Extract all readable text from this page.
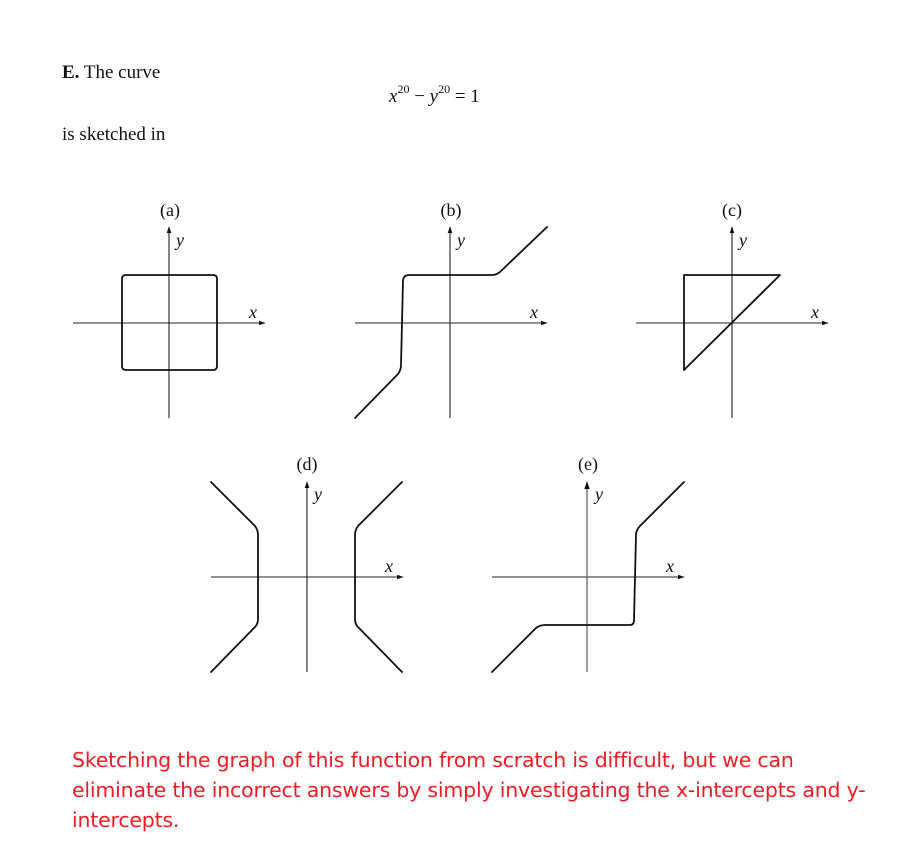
E. The curve
$x^{20} - y^{20} = 1$
is sketched in
(a)
y
x
(b)
y
x
(c)
y
x
(d)
y
x
(e)
y
x
Sketching the graph of this function from scratch is difficult, but we can eliminate the incorrect answers by simply investigating the x-intercepts and y-intercepts.
